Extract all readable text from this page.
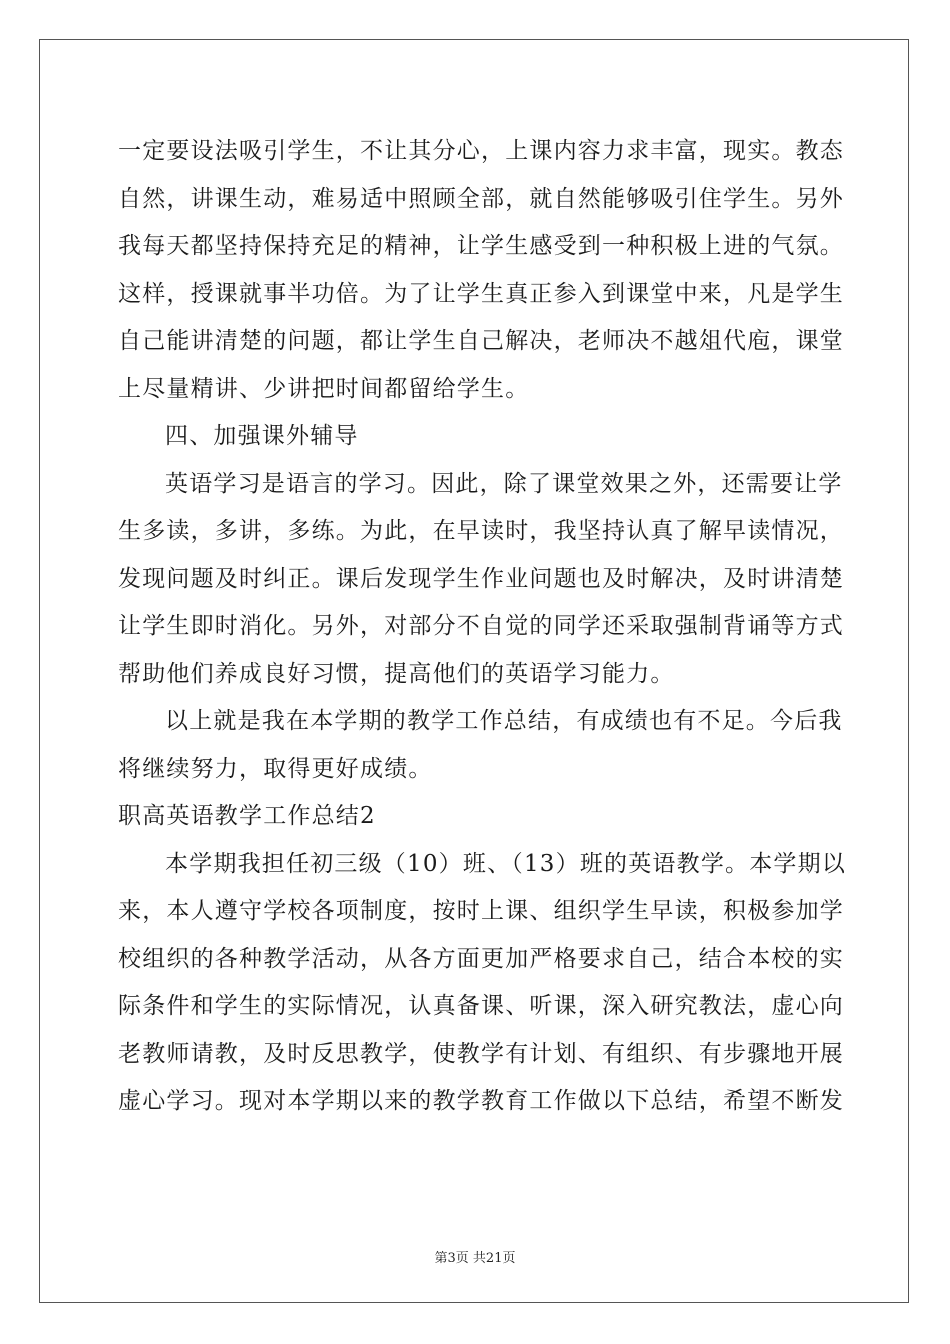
一定要设法吸引学生，不让其分心，上课内容力求丰富，现实。教态
自然，讲课生动，难易适中照顾全部，就自然能够吸引住学生。另外
我每天都坚持保持充足的精神，让学生感受到一种积极上进的气氛。
这样，授课就事半功倍。为了让学生真正参入到课堂中来，凡是学生
自己能讲清楚的问题，都让学生自己解决，老师决不越俎代庖，课堂
上尽量精讲、少讲把时间都留给学生。
四、加强课外辅导
英语学习是语言的学习。因此，除了课堂效果之外，还需要让学
生多读，多讲，多练。为此，在早读时，我坚持认真了解早读情况，
发现问题及时纠正。课后发现学生作业问题也及时解决，及时讲清楚
让学生即时消化。另外，对部分不自觉的同学还采取强制背诵等方式
帮助他们养成良好习惯，提高他们的英语学习能力。
以上就是我在本学期的教学工作总结，有成绩也有不足。今后我
将继续努力，取得更好成绩。
职高英语教学工作总结2
本学期我担任初三级（10）班、（13）班的英语教学。本学期以
来，本人遵守学校各项制度，按时上课、组织学生早读，积极参加学
校组织的各种教学活动，从各方面更加严格要求自己，结合本校的实
际条件和学生的实际情况，认真备课、听课，深入研究教法，虚心向
老教师请教，及时反思教学，使教学有计划、有组织、有步骤地开展
虚心学习。现对本学期以来的教学教育工作做以下总结，希望不断发
第3页 共21页
